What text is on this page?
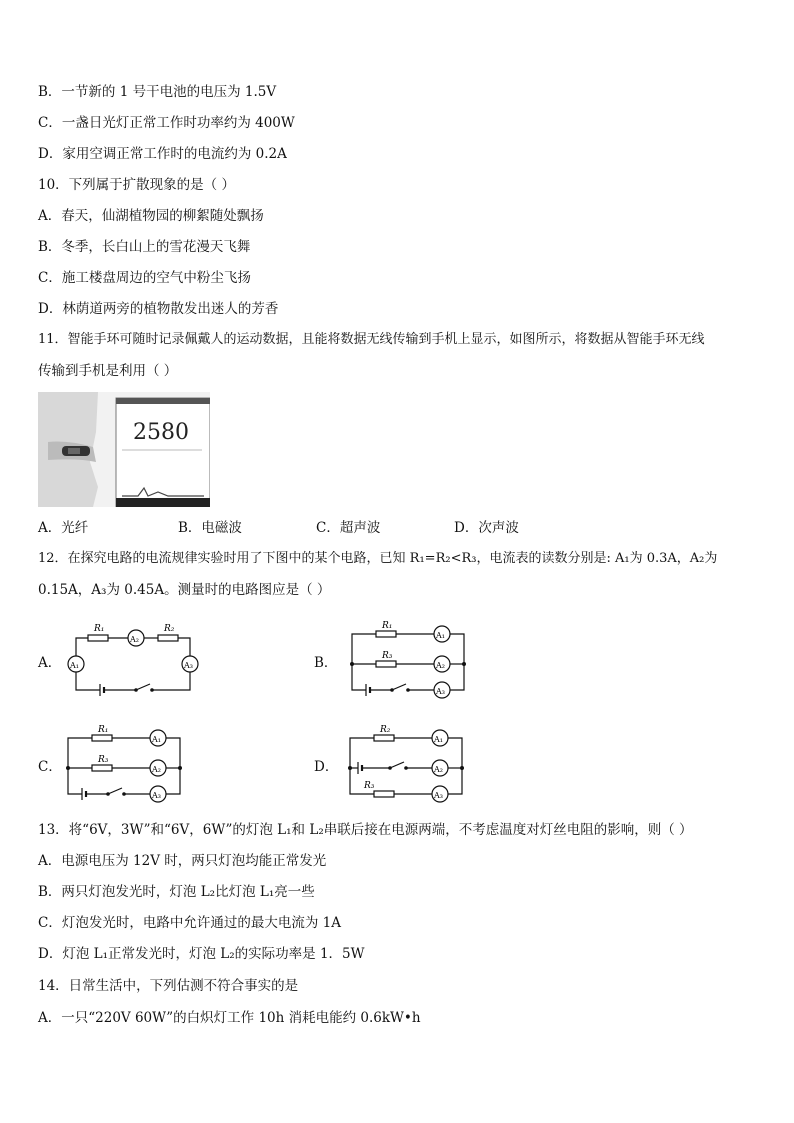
B．一节新的 1 号干电池的电压为 1.5V
C．一盏日光灯正常工作时功率约为 400W
D．家用空调正常工作时的电流约为 0.2A
10．下列属于扩散现象的是（ ）
A．春天，仙湖植物园的柳絮随处飘扬
B．冬季，长白山上的雪花漫天飞舞
C．施工楼盘周边的空气中粉尘飞扬
D．林荫道两旁的植物散发出迷人的芳香
11．智能手环可随时记录佩戴人的运动数据，且能将数据无线传输到手机上显示，如图所示，将数据从智能手环无线
传输到手机是利用（ ）
2580
A．光纤	B．电磁波	C．超声波	D．次声波
12．在探究电路的电流规律实验时用了下图中的某个电路，已知 R₁=R₂<R₃，电流表的读数分别是: A₁为 0.3A，A₂为
0.15A，A₃为 0.45A。测量时的电路图应是（ ）
A．
R₁	R₂
A₂
A₁	A₃	B．
R₁
R₃
A₁
A₂
A₃
C．
R₁
R₃
A₁
A₂
A₃
D．
R₂
R₃
A₁
A₂
A₃
13．将“6V，3W”和“6V，6W”的灯泡 L₁和 L₂串联后接在电源两端，不考虑温度对灯丝电阻的影响，则（ ）
A．电源电压为 12V 时，两只灯泡均能正常发光
B．两只灯泡发光时，灯泡 L₂比灯泡 L₁亮一些
C．灯泡发光时，电路中允许通过的最大电流为 1A
D．灯泡 L₁正常发光时，灯泡 L₂的实际功率是 1．5W
14．日常生活中，下列估测不符合事实的是
A．一只“220V 60W”的白炽灯工作 10h 消耗电能约 0.6kW•h
